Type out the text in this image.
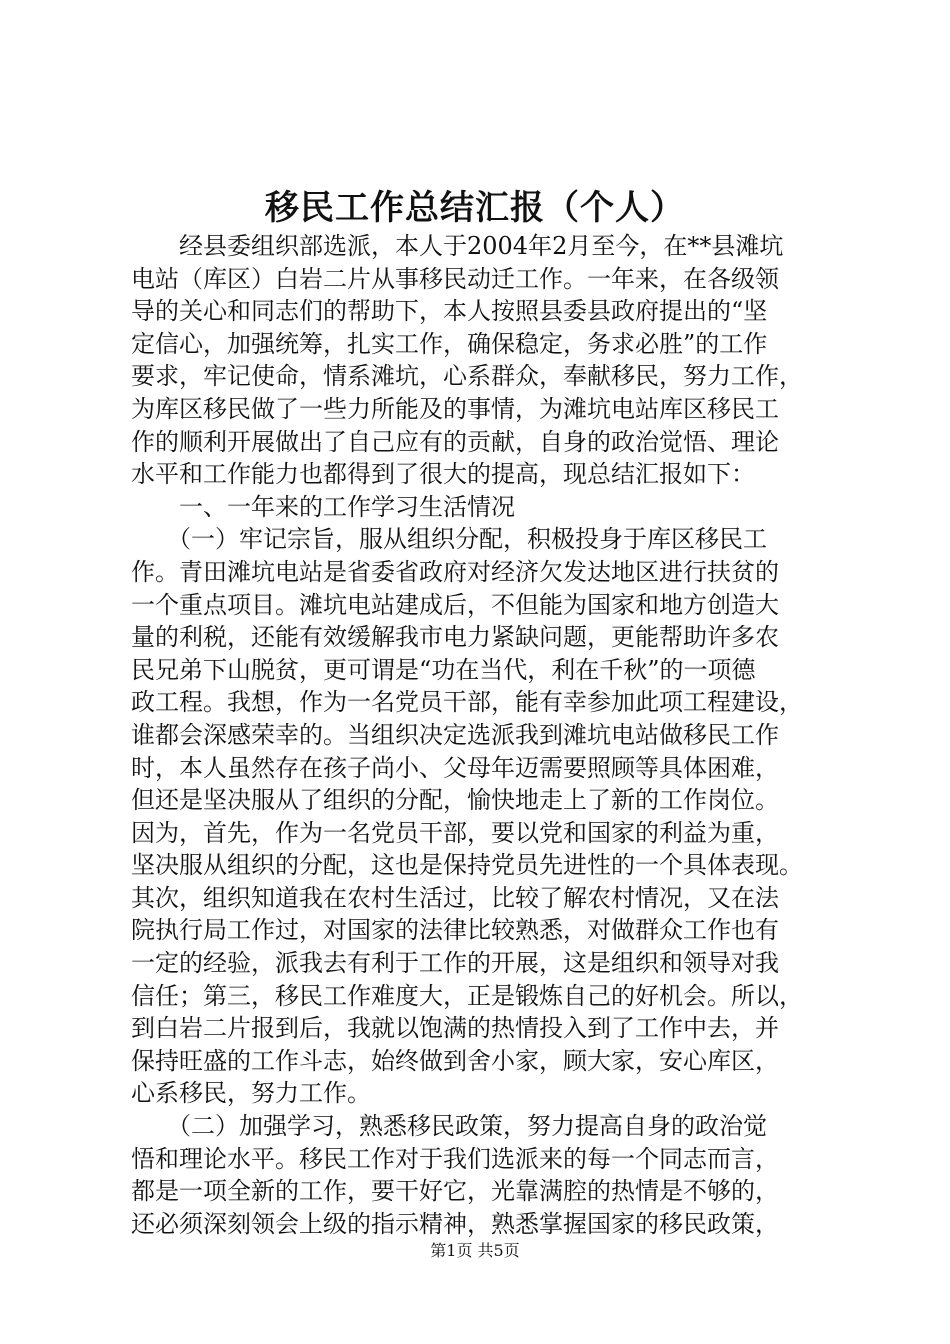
移民工作总结汇报（个人）
　　经县委组织部选派，本人于2004年2月至今，在**县滩坑
电站（库区）白岩二片从事移民动迁工作。一年来，在各级领
导的关心和同志们的帮助下，本人按照县委县政府提出的“坚
定信心，加强统筹，扎实工作，确保稳定，务求必胜”的工作
要求，牢记使命，情系滩坑，心系群众，奉献移民，努力工作，
为库区移民做了一些力所能及的事情，为滩坑电站库区移民工
作的顺利开展做出了自己应有的贡献，自身的政治觉悟、理论
水平和工作能力也都得到了很大的提高，现总结汇报如下：
　　一、一年来的工作学习生活情况
　　（一）牢记宗旨，服从组织分配，积极投身于库区移民工
作。青田滩坑电站是省委省政府对经济欠发达地区进行扶贫的
一个重点项目。滩坑电站建成后，不但能为国家和地方创造大
量的利税，还能有效缓解我市电力紧缺问题，更能帮助许多农
民兄弟下山脱贫，更可谓是“功在当代，利在千秋”的一项德
政工程。我想，作为一名党员干部，能有幸参加此项工程建设，
谁都会深感荣幸的。当组织决定选派我到滩坑电站做移民工作
时，本人虽然存在孩子尚小、父母年迈需要照顾等具体困难，
但还是坚决服从了组织的分配，愉快地走上了新的工作岗位。
因为，首先，作为一名党员干部，要以党和国家的利益为重，
坚决服从组织的分配，这也是保持党员先进性的一个具体表现。
其次，组织知道我在农村生活过，比较了解农村情况，又在法
院执行局工作过，对国家的法律比较熟悉，对做群众工作也有
一定的经验，派我去有利于工作的开展，这是组织和领导对我
信任；第三，移民工作难度大，正是锻炼自己的好机会。所以，
到白岩二片报到后，我就以饱满的热情投入到了工作中去，并
保持旺盛的工作斗志，始终做到舍小家，顾大家，安心库区，
心系移民，努力工作。
　　（二）加强学习，熟悉移民政策，努力提高自身的政治觉
悟和理论水平。移民工作对于我们选派来的每一个同志而言，
都是一项全新的工作，要干好它，光靠满腔的热情是不够的，
还必须深刻领会上级的指示精神，熟悉掌握国家的移民政策，
第1页 共5页
